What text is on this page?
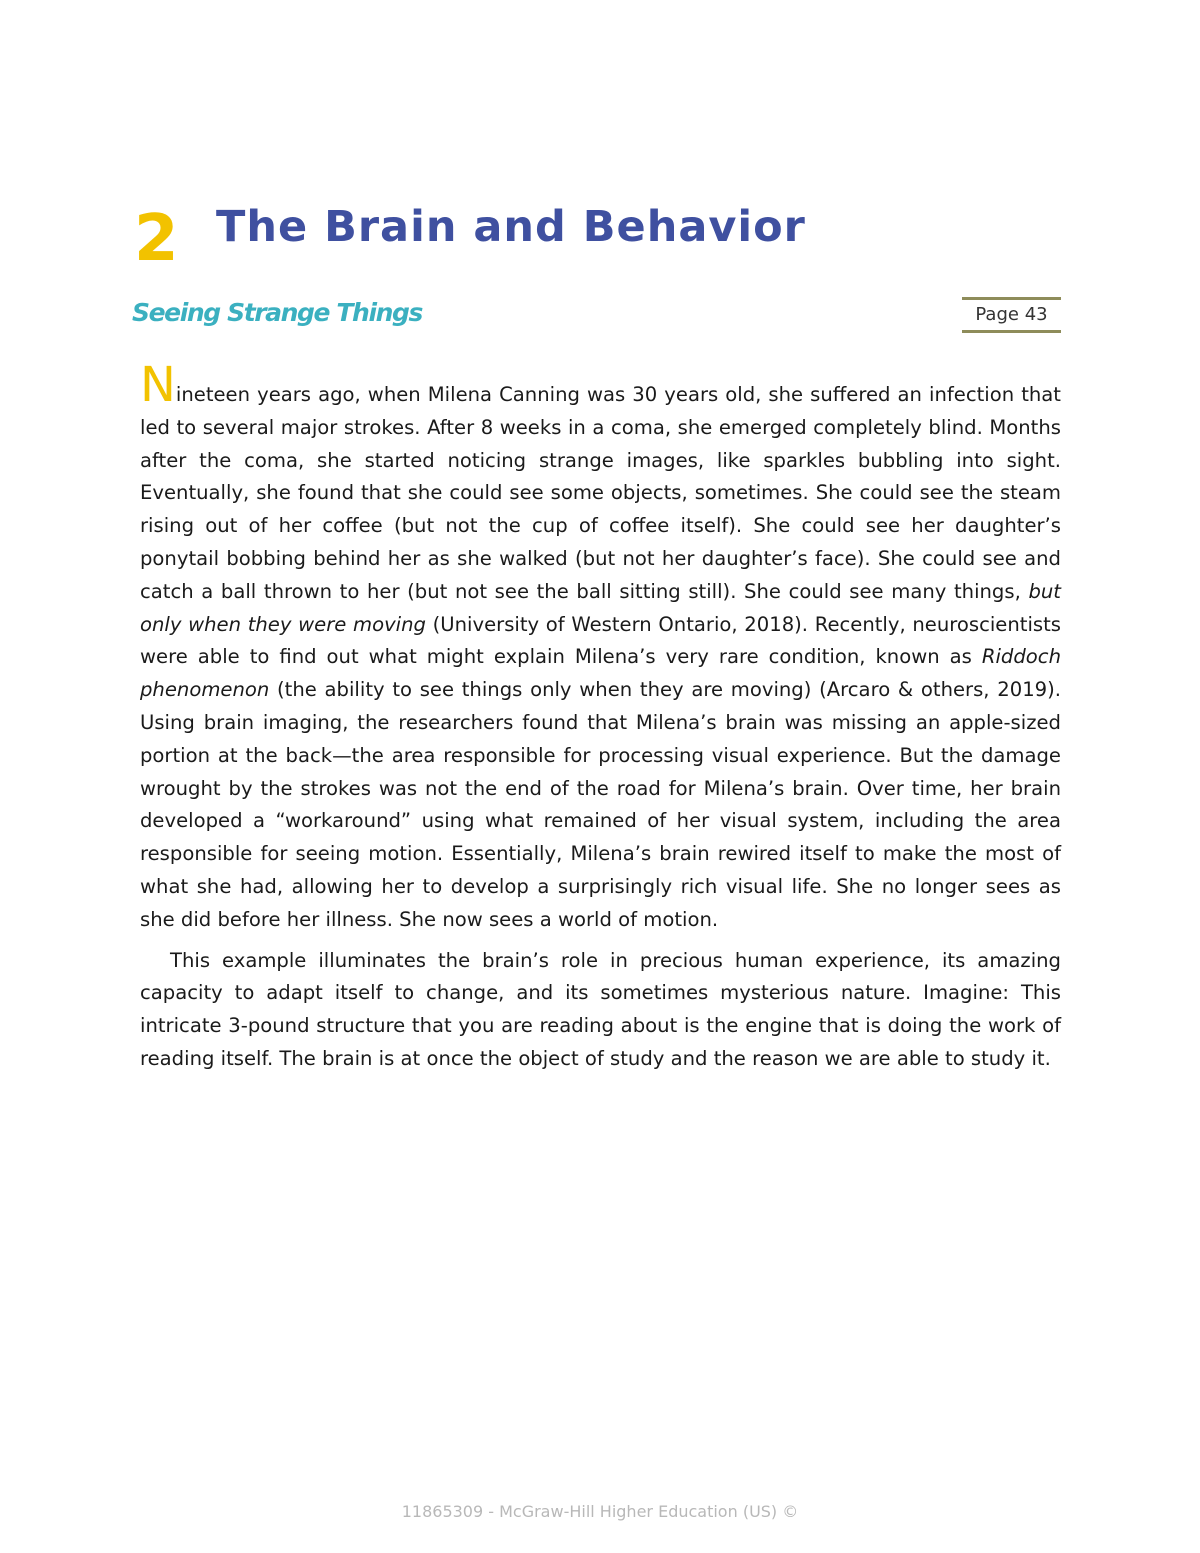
2 The Brain and Behavior
Seeing Strange Things	Page 43

Nineteen years ago, when Milena Canning was 30 years old, she suffered an infection that led to several major strokes. After 8 weeks in a coma, she emerged completely blind. Months after the coma, she started noticing strange images, like sparkles bubbling into sight. Eventually, she found that she could see some objects, sometimes. She could see the steam rising out of her coffee (but not the cup of coffee itself). She could see her daughter’s ponytail bobbing behind her as she walked (but not her daughter’s face). She could see and catch a ball thrown to her (but not see the ball sitting still). She could see many things, but only when they were moving (University of Western Ontario, 2018). Recently, neuroscientists were able to find out what might explain Milena’s very rare condition, known as Riddoch phenomenon (the ability to see things only when they are moving) (Arcaro & others, 2019). Using brain imaging, the researchers found that Milena’s brain was missing an apple-sized portion at the back—the area responsible for processing visual experience. But the damage wrought by the strokes was not the end of the road for Milena’s brain. Over time, her brain developed a “workaround” using what remained of her visual system, including the area responsible for seeing motion. Essentially, Milena’s brain rewired itself to make the most of what she had, allowing her to develop a surprisingly rich visual life. She no longer sees as she did before her illness. She now sees a world of motion.

This example illuminates the brain’s role in precious human experience, its amazing capacity to adapt itself to change, and its sometimes mysterious nature. Imagine: This intricate 3-pound structure that you are reading about is the engine that is doing the work of reading itself. The brain is at once the object of study and the reason we are able to study it.

11865309 - McGraw-Hill Higher Education (US) ©
